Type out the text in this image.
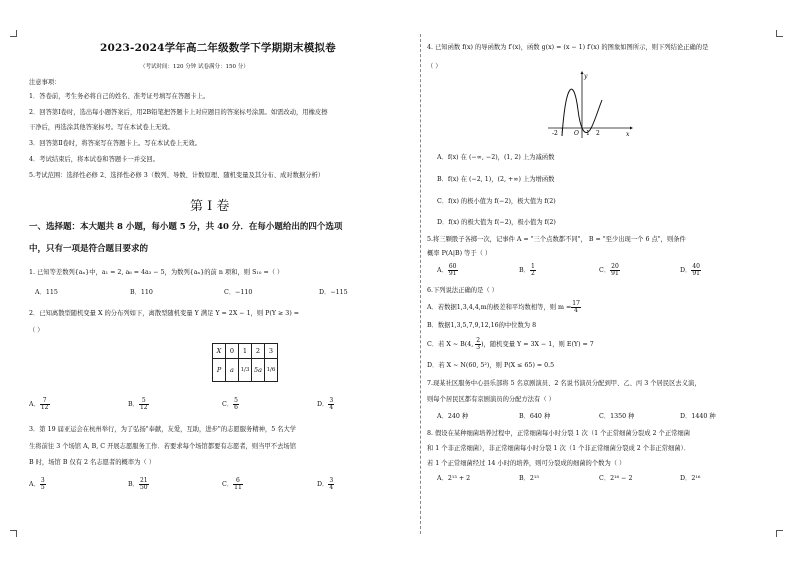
2023-2024学年高二年级数学下学期期末模拟卷
（考试时间：120 分钟 试卷满分：150 分）
注意事项：
1．答卷前，考生务必将自己的姓名、准考证号填写在答题卡上。
2．回答第Ⅰ卷时，选出每小题答案后，用2B铅笔把答题卡上对应题目的答案标号涂黑。如需改动，用橡皮擦
干净后，再选涂其他答案标号。写在本试卷上无效。
3．回答第Ⅱ卷时，将答案写在答题卡上。写在本试卷上无效。
4．考试结束后，将本试卷和答题卡一并交回。
5.考试范围：选择性必修 2、选择性必修 3（数列、导数、计数原理、随机变量及其分布、成对数据分析）
第 Ⅰ 卷
一、选择题：本大题共 8 小题，每小题 5 分，共 40 分．在每小题给出的四个选项
中，只有一项是符合题目要求的
1. 已知等差数列{aₙ}中，a₁ = 2, a₆ = 4a₃ − 5，为数列{aₙ}的前 n 项和，则 S₁₀ =（ ）
A．115	B．110	C．−110	D．−115
2．已知离散型随机变量 X 的分布列如下，离散型随机变量 Y 满足 Y = 2X − 1，则 P(Y ≥ 3) =
（ ）
X	0	1	2	3
P	a	1/3	5a	1/6
A． $\frac{7}{12}$	B． $\frac{5}{12}$	C． $\frac{5}{6}$	D． $\frac{3}{4}$
3．第 19 届亚运会在杭州举行，为了弘扬"奉献，友爱，互助，进步"的志愿服务精神，5 名大学
生将前往 3 个场馆 A, B, C 开展志愿服务工作．若要求每个场馆都要有志愿者，则当甲不去场馆
B 时，场馆 B 仅有 2 名志愿者的概率为（ ）
A． $\frac{3}{5}$	B． $\frac{21}{50}$	C． $\frac{6}{11}$	D． $\frac{3}{4}$
4. 已知函数 f(x) 的导函数为 f′(x)，函数 g(x) = (x − 1) f′(x) 的图象如图所示，则下列结论正确的是
（ ）
y
x
O
-2	1 2
A．f(x) 在 (−∞, −2)，(1, 2) 上为减函数
B．f(x) 在 (−2, 1)，(2, +∞) 上为增函数
C．f(x) 的极小值为 f(−2)，极大值为 f(2)
D．f(x) 的极大值为 f(−2)，极小值为 f(2)
5.将三颗骰子各掷一次，记事件 A = "三个点数都不同"， B = "至少出现一个 6 点"，则条件
概率 P(A|B) 等于（ ）
A． $\frac{60}{91}$	B． $\frac{1}{2}$	C． $\frac{20}{91}$	D． $\frac{40}{91}$
6.下列说法正确的是（ ）
A．若数据1,3,4,4,m的极差和平均数相等，则 $m = \frac{17}{4}$
B．数据1,3,5,7,9,12,16的中位数为 8
C．若 X ~ B(4, $\frac{2}{3}$ )，随机变量 Y = 3X − 1，则 E(Y) = 7
D．若 X ~ N(60, 5²)，则 P(X ≤ 65) = 0.5
7.现某社区服务中心县乐部将 5 名京剧演员、2 名说书演员分配到甲、乙、丙 3 个居民区去义演，
则每个居民区都有京剧演员的分配方法有（ ）
A．240 种	B．640 种	C．1350 种	D．1440 种
8. 假设在某种细菌培养过程中，正常细菌每小时分裂 1 次（1 个正常细菌分裂成 2 个正常细菌
和 1 个非正常细菌），非正常细菌每小时分裂 1 次（1 个非正常细菌分裂成 2 个非正常细菌）．
若 1 个正常细菌经过 14 小时的培养，则可分裂成的细菌的个数为（ ）
A．2¹³ + 2	B．2¹⁵	C．2¹⁶ − 2	D．2¹⁶
